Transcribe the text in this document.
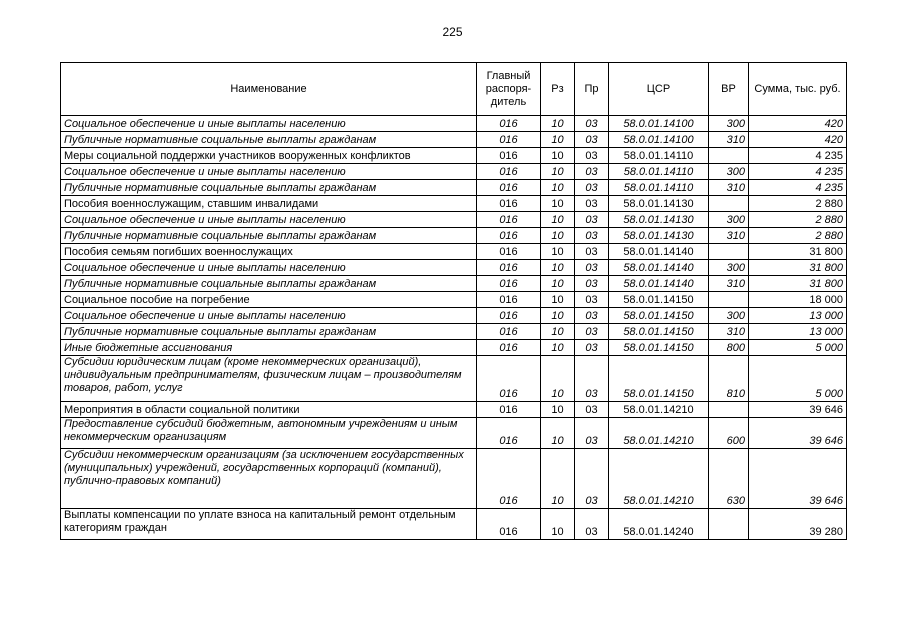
225
Наименование	Главный распоря-дитель	Рз	Пр	ЦСР	ВР	Сумма, тыс. руб.
Социальное обеспечение и иные выплаты населению	016	10	03	58.0.01.14100	300	420
Публичные нормативные социальные выплаты гражданам	016	10	03	58.0.01.14100	310	420
Меры социальной поддержки участников вооруженных конфликтов	016	10	03	58.0.01.14110		4 235
Социальное обеспечение и иные выплаты населению	016	10	03	58.0.01.14110	300	4 235
Публичные нормативные социальные выплаты гражданам	016	10	03	58.0.01.14110	310	4 235
Пособия военнослужащим, ставшим инвалидами	016	10	03	58.0.01.14130		2 880
Социальное обеспечение и иные выплаты населению	016	10	03	58.0.01.14130	300	2 880
Публичные нормативные социальные выплаты гражданам	016	10	03	58.0.01.14130	310	2 880
Пособия семьям погибших военнослужащих	016	10	03	58.0.01.14140		31 800
Социальное обеспечение и иные выплаты населению	016	10	03	58.0.01.14140	300	31 800
Публичные нормативные социальные выплаты гражданам	016	10	03	58.0.01.14140	310	31 800
Социальное пособие на погребение	016	10	03	58.0.01.14150		18 000
Социальное обеспечение и иные выплаты населению	016	10	03	58.0.01.14150	300	13 000
Публичные нормативные социальные выплаты гражданам	016	10	03	58.0.01.14150	310	13 000
Иные бюджетные ассигнования	016	10	03	58.0.01.14150	800	5 000
Субсидии юридическим лицам (кроме некоммерческих организаций), индивидуальным предпринимателям, физическим лицам – производителям товаров, работ, услуг	016	10	03	58.0.01.14150	810	5 000
Мероприятия в области социальной политики	016	10	03	58.0.01.14210		39 646
Предоставление субсидий бюджетным, автономным учреждениям и иным некоммерческим организациям	016	10	03	58.0.01.14210	600	39 646
Субсидии некоммерческим организациям (за исключением государственных (муниципальных) учреждений, государственных корпораций (компаний), публично-правовых компаний)	016	10	03	58.0.01.14210	630	39 646
Выплаты компенсации по уплате взноса на капитальный ремонт отдельным категориям граждан	016	10	03	58.0.01.14240		39 280
